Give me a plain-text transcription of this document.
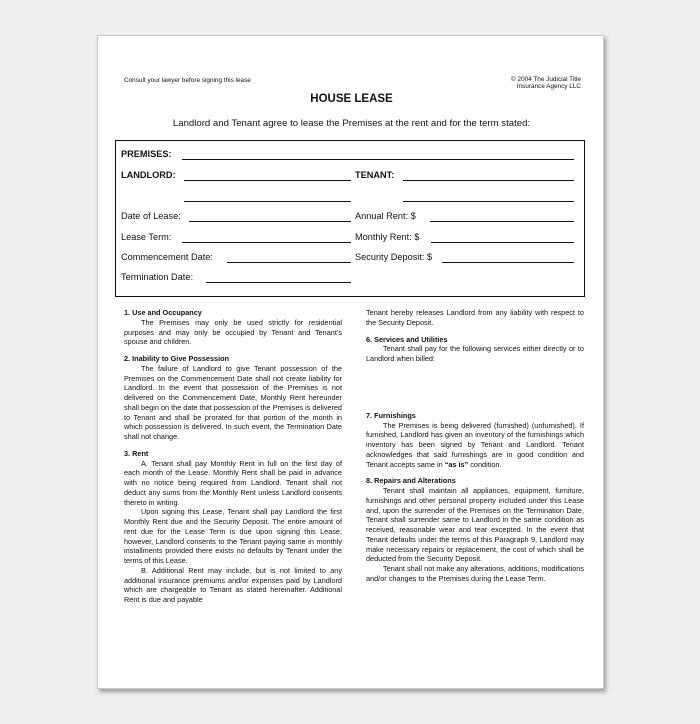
Consult your lawyer before signing this lease	© 2004 The Judicial Title
Insurance Agency LLC
HOUSE LEASE
Landlord and Tenant agree to lease the Premises at the rent and for the term stated:
PREMISES:
LANDLORD:	TENANT:
Date of Lease:	Annual Rent: $
Lease Term:	Monthly Rent: $
Commencement Date:	Security Deposit: $
Termination Date:

1. Use and Occupancy

The Premises may only be used strictly for residential purposes and may only be occupied by Tenant and Tenant’s spouse and children.

2. Inability to Give Possession

The failure of Landlord to give Tenant possession of the Premises on the Commencement Date shall not create liability for Landlord. In the event that possession of the Premises is not delivered on the Commencement Date, Monthly Rent hereunder shall begin on the date that possession of the Premises is delivered to Tenant and shall be prorated for that portion of the month in which possession is delivered. In such event, the Termination Date shall not change.

3. Rent

A. Tenant shall pay Monthly Rent in full on the first day of each month of the Lease. Monthly Rent shall be paid in advance with no notice being required from Landlord. Tenant shall not deduct any sums from the Monthly Rent unless Landlord consents thereto in writing.

Upon signing this Lease, Tenant shall pay Landlord the first Monthly Rent due and the Security Deposit. The entire amount of rent due for the Lease Term is due upon signing this Lease; however, Landlord consents to the Tenant paying same in monthly installments provided there exists no defaults by Tenant under the terms of this Lease.

B. Additional Rent may include, but is not limited to any additional insurance premiums and/or expenses paid by Landlord which are chargeable to Tenant as stated hereinafter. Additional Rent is due and payable

Tenant hereby releases Landlord from any liability with respect to the Security Deposit.

6. Services and Utilities

Tenant shall pay for the following services either directly or to Landlord when billed:

7. Furnishings

The Premises is being delivered (furnished) (unfurnished). If furnished, Landlord has given an inventory of the furnishings which inventory has been signed by Tenant and Landlord. Tenant acknowledges that said furnishings are in good condition and Tenant accepts same in “as is” condition.

8. Repairs and Alterations

Tenant shall maintain all appliances, equipment, furniture, furnishings and other personal property included under this Lease and, upon the surrender of the Premises on the Termination Date, Tenant shall surrender same to Landlord in the same condition as received, reasonable wear and tear excepted. In the event that Tenant defaults under the terms of this Paragraph 9, Landlord may make necessary repairs or replacement, the cost of which shall be deducted from the Security Deposit.

Tenant shall not make any alterations, additions, modifications and/or changes to the Premises during the Lease Term.
